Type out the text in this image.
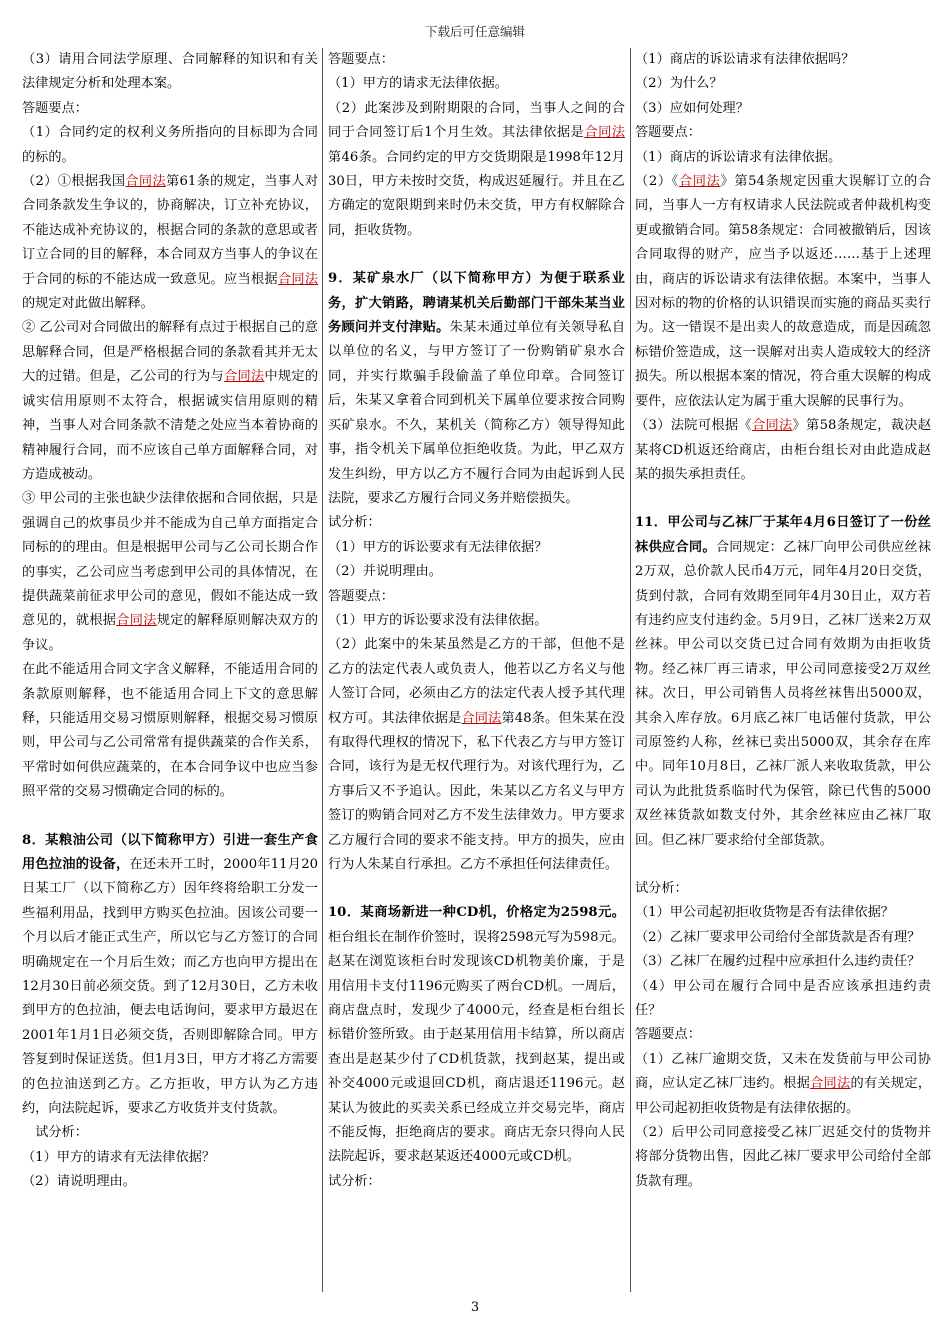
下载后可任意编辑

（3）请用合同法学原理、合同解释的知识和有关法律规定分析和处理本案。

答题要点：

（1）合同约定的权利义务所指向的目标即为合同的标的。

（2）①根据我国合同法第61条的规定，当事人对合同条款发生争议的，协商解决，订立补充协议，不能达成补充协议的，根据合同的条款的意思或者订立合同的目的解释，本合同双方当事人的争议在于合同的标的不能达成一致意见。应当根据合同法的规定对此做出解释。

② 乙公司对合同做出的解释有点过于根据自己的意思解释合同，但是严格根据合同的条款看其并无太大的过错。但是，乙公司的行为与合同法中规定的诚实信用原则不太符合，根据诚实信用原则的精神，当事人对合同条款不清楚之处应当本着协商的精神履行合同，而不应该自己单方面解释合同，对方造成被动。

③ 甲公司的主张也缺少法律依据和合同依据，只是强调自己的炊事员少并不能成为自己单方面指定合同标的的理由。但是根据甲公司与乙公司长期合作的事实，乙公司应当考虑到甲公司的具体情况，在提供蔬菜前征求甲公司的意见，假如不能达成一致意见的，就根据合同法规定的解释原则解决双方的争议。

在此不能适用合同文字含义解释，不能适用合同的条款原则解释，也不能适用合同上下文的意思解释，只能适用交易习惯原则解释，根据交易习惯原则，甲公司与乙公司常常有提供蔬菜的合作关系，平常时如何供应蔬菜的，在本合同争议中也应当参照平常的交易习惯确定合同的标的。

8．某粮油公司（以下简称甲方）引进一套生产食用色拉油的设备，在还未开工时，2000年11月20日某工厂（以下简称乙方）因年终将给职工分发一些福利用品，找到甲方购买色拉油。因该公司要一个月以后才能正式生产，所以它与乙方签订的合同明确规定在一个月后生效；而乙方也向甲方提出在12月30日前必须交货。到了12月30日，乙方未收到甲方的色拉油，便去电话询问，要求甲方最迟在2001年1月1日必须交货，否则即解除合同。甲方答复到时保证送货。但1月3日，甲方才将乙方需要的色拉油送到乙方。乙方拒收，甲方认为乙方违约，向法院起诉，要求乙方收货并支付货款。

试分析：

（1）甲方的请求有无法律依据？

（2）请说明理由。

答题要点：

（1）甲方的请求无法律依据。

（2）此案涉及到附期限的合同，当事人之间的合同于合同签订后1个月生效。其法律依据是合同法第46条。合同约定的甲方交货期限是1998年12月30日，甲方未按时交货，构成迟延履行。并且在乙方确定的宽限期到来时仍未交货，甲方有权解除合同，拒收货物。

9．某矿泉水厂（以下简称甲方）为便于联系业务，扩大销路，聘请某机关后勤部门干部朱某当业务顾问并支付津贴。朱某未通过单位有关领导私自以单位的名义，与甲方签订了一份购销矿泉水合同，并实行欺骗手段偷盖了单位印章。合同签订后，朱某又拿着合同到机关下属单位要求按合同购买矿泉水。不久，某机关（简称乙方）领导得知此事，指令机关下属单位拒绝收货。为此，甲乙双方发生纠纷，甲方以乙方不履行合同为由起诉到人民法院，要求乙方履行合同义务并赔偿损失。

试分析：

（1）甲方的诉讼要求有无法律依据？

（2）并说明理由。

答题要点：

（1）甲方的诉讼要求没有法律依据。

（2）此案中的朱某虽然是乙方的干部，但他不是乙方的法定代表人或负责人，他若以乙方名义与他人签订合同，必须由乙方的法定代表人授予其代理权方可。其法律依据是合同法第48条。但朱某在没有取得代理权的情况下，私下代表乙方与甲方签订合同，该行为是无权代理行为。对该代理行为，乙方事后又不予追认。因此，朱某以乙方名义与甲方签订的购销合同对乙方不发生法律效力。甲方要求乙方履行合同的要求不能支持。甲方的损失，应由行为人朱某自行承担。乙方不承担任何法律责任。

10．某商场新进一种CD机，价格定为2598元。柜台组长在制作价签时，误将2598元写为598元。赵某在浏览该柜台时发现该CD机物美价廉，于是用信用卡支付1196元购买了两台CD机。一周后，商店盘点时，发现少了4000元，经查是柜台组长标错价签所致。由于赵某用信用卡结算，所以商店查出是赵某少付了CD机货款，找到赵某，提出或补交4000元或退回CD机，商店退还1196元。赵某认为彼此的买卖关系已经成立并交易完毕，商店不能反悔，拒绝商店的要求。商店无奈只得向人民法院起诉，要求赵某返还4000元或CD机。

试分析：

（1）商店的诉讼请求有法律依据吗？

（2）为什么？

（3）应如何处理？

答题要点：

（1）商店的诉讼请求有法律依据。

（2）《合同法》第54条规定因重大误解订立的合同，当事人一方有权请求人民法院或者仲裁机构变更或撤销合同。第58条规定：合同被撤销后，因该合同取得的财产，应当予以返还……基于上述理由，商店的诉讼请求有法律依据。本案中，当事人因对标的物的价格的认识错误而实施的商品买卖行为。这一错误不是出卖人的故意造成，而是因疏忽标错价签造成，这一误解对出卖人造成较大的经济损失。所以根据本案的情况，符合重大误解的构成要件，应依法认定为属于重大误解的民事行为。

（3）法院可根据《合同法》第58条规定，裁决赵某将CD机返还给商店，由柜台组长对由此造成赵某的损失承担责任。

11．甲公司与乙袜厂于某年4月6日签订了一份丝袜供应合同。合同规定：乙袜厂向甲公司供应丝袜2万双，总价款人民币4万元，同年4月20日交货，货到付款，合同有效期至同年4月30日止，双方若有违约应支付违约金。5月9日，乙袜厂送来2万双丝袜。甲公司以交货已过合同有效期为由拒收货物。经乙袜厂再三请求，甲公司同意接受2万双丝袜。次日，甲公司销售人员将丝袜售出5000双，其余入库存放。6月底乙袜厂电话催付货款，甲公司原签约人称，丝袜已卖出5000双，其余存在库中。同年10月8日，乙袜厂派人来收取货款，甲公司认为此批货系临时代为保管，除已代售的5000双丝袜货款如数支付外，其余丝袜应由乙袜厂取回。但乙袜厂要求给付全部货款。

试分析：

（1）甲公司起初拒收货物是否有法律依据？

（2）乙袜厂要求甲公司给付全部货款是否有理？

（3）乙袜厂在履约过程中应承担什么违约责任？

（4）甲公司在履行合同中是否应该承担违约责任？

答题要点：

（1）乙袜厂逾期交货，又未在发货前与甲公司协商，应认定乙袜厂违约。根据合同法的有关规定，甲公司起初拒收货物是有法律依据的。

（2）后甲公司同意接受乙袜厂迟延交付的货物并将部分货物出售，因此乙袜厂要求甲公司给付全部货款有理。

3
